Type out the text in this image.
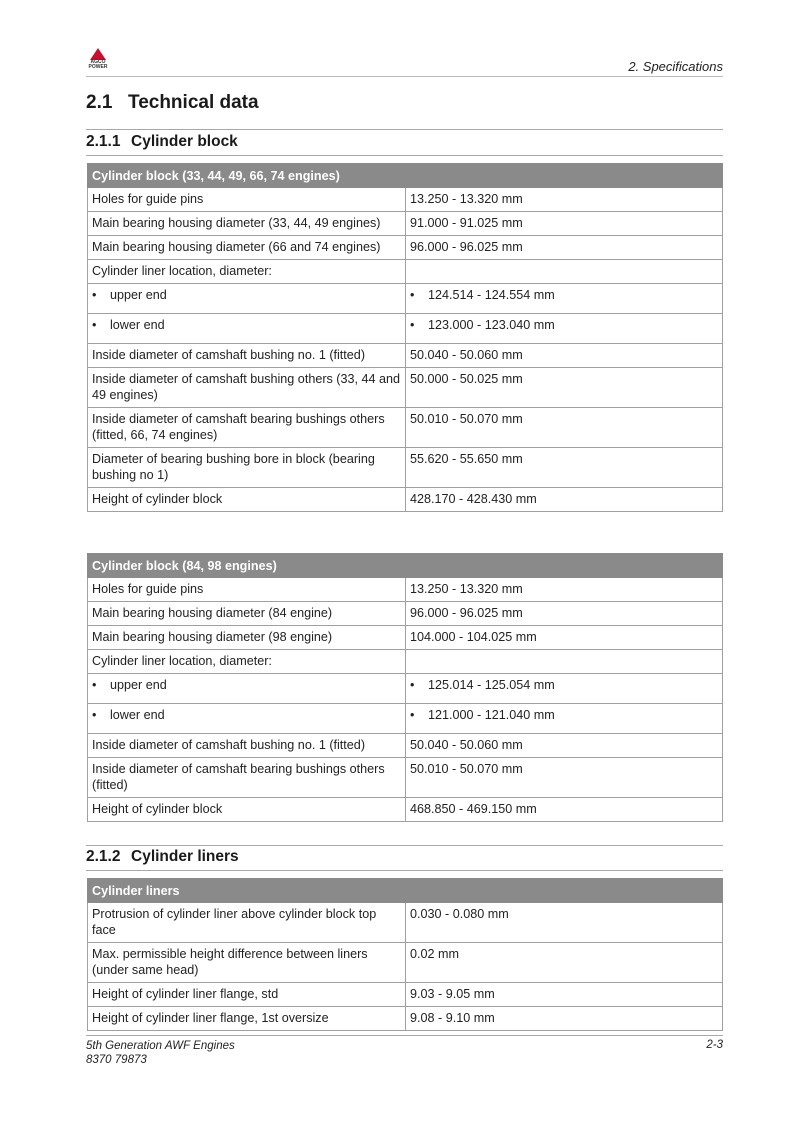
AGCO POWER	2. Specifications
2.1 Technical data
2.1.1 Cylinder block
Cylinder block (33, 44, 49, 66, 74 engines)	
Holes for guide pins	13.250 - 13.320 mm
Main bearing housing diameter (33, 44, 49 engines)	91.000 - 91.025 mm
Main bearing housing diameter (66 and 74 engines)	96.000 - 96.025 mm
Cylinder liner location, diameter:	
• upper end	• 124.514 - 124.554 mm
• lower end	• 123.000 - 123.040 mm
Inside diameter of camshaft bushing no. 1 (fitted)	50.040 - 50.060 mm
Inside diameter of camshaft bushing others (33, 44 and 49 engines)	50.000 - 50.025 mm
Inside diameter of camshaft bearing bushings others (fitted, 66, 74 engines)	50.010 - 50.070 mm
Diameter of bearing bushing bore in block (bearing bushing no 1)	55.620 - 55.650 mm
Height of cylinder block	428.170 - 428.430 mm
Cylinder block (84, 98 engines)	
Holes for guide pins	13.250 - 13.320 mm
Main bearing housing diameter (84 engine)	96.000 - 96.025 mm
Main bearing housing diameter (98 engine)	104.000 - 104.025 mm
Cylinder liner location, diameter:	
• upper end	• 125.014 - 125.054 mm
• lower end	• 121.000 - 121.040 mm
Inside diameter of camshaft bushing no. 1 (fitted)	50.040 - 50.060 mm
Inside diameter of camshaft bearing bushings others (fitted)	50.010 - 50.070 mm
Height of cylinder block	468.850 - 469.150 mm
2.1.2 Cylinder liners
Cylinder liners	
Protrusion of cylinder liner above cylinder block top face	0.030 - 0.080 mm
Max. permissible height difference between liners (under same head)	0.02 mm
Height of cylinder liner flange, std	9.03 - 9.05 mm
Height of cylinder liner flange, 1st oversize	9.08 - 9.10 mm
5th Generation AWF Engines
8370 79873
2-3
